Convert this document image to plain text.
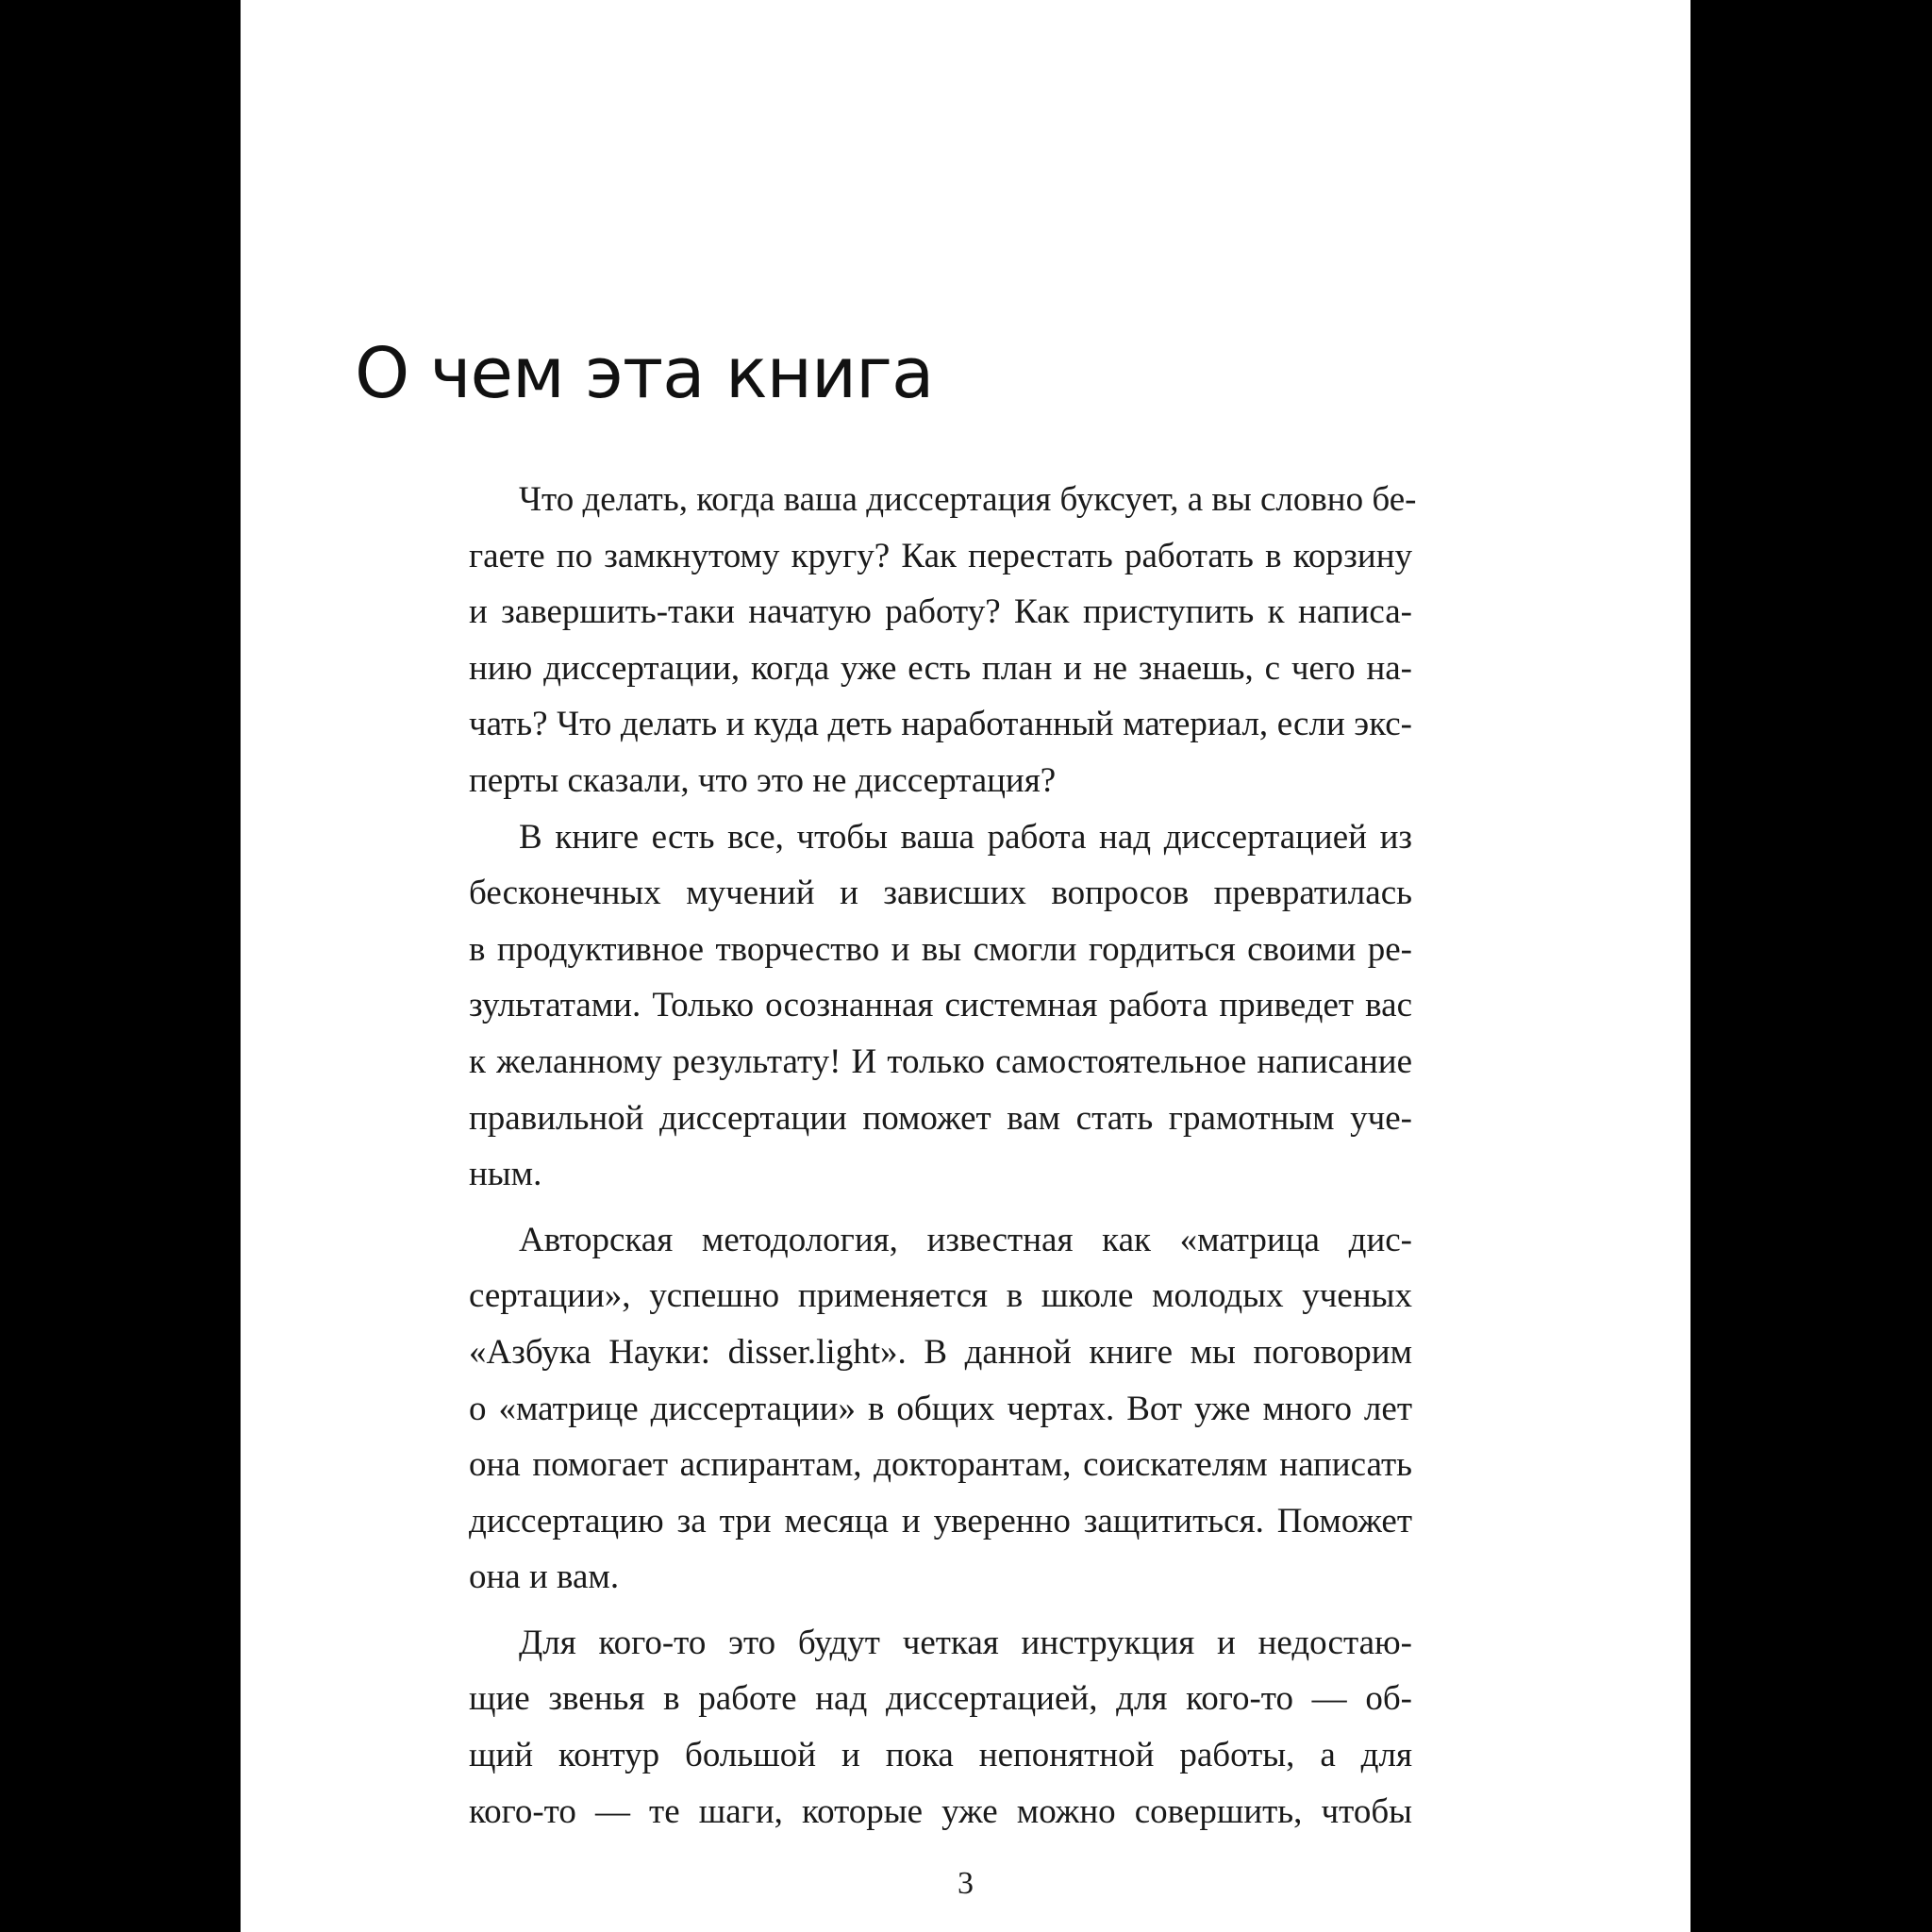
О чем эта книга
Что делать, когда ваша диссертация буксует, а вы словно бе-
гаете по замкнутому кругу? Как перестать работать в корзину
и завершить-таки начатую работу? Как приступить к написа-
нию диссертации, когда уже есть план и не знаешь, с чего на-
чать? Что делать и куда деть наработанный материал, если экс-
перты сказали, что это не диссертация?
В книге есть все, чтобы ваша работа над диссертацией из
бесконечных мучений и зависших вопросов превратилась
в продуктивное творчество и вы смогли гордиться своими ре-
зультатами. Только осознанная системная работа приведет вас
к желанному результату! И только самостоятельное написание
правильной диссертации поможет вам стать грамотным уче-
ным.
Авторская методология, известная как «матрица дис-
сертации», успешно применяется в школе молодых ученых
«Азбука Науки: disser.light». В данной книге мы поговорим
о «матрице диссертации» в общих чертах. Вот уже много лет
она помогает аспирантам, докторантам, соискателям написать
диссертацию за три месяца и уверенно защититься. Поможет
она и вам.
Для кого-то это будут четкая инструкция и недостаю-
щие звенья в работе над диссертацией, для кого-то — об-
щий контур большой и пока непонятной работы, а для
кого-то — те шаги, которые уже можно совершить, чтобы
3
